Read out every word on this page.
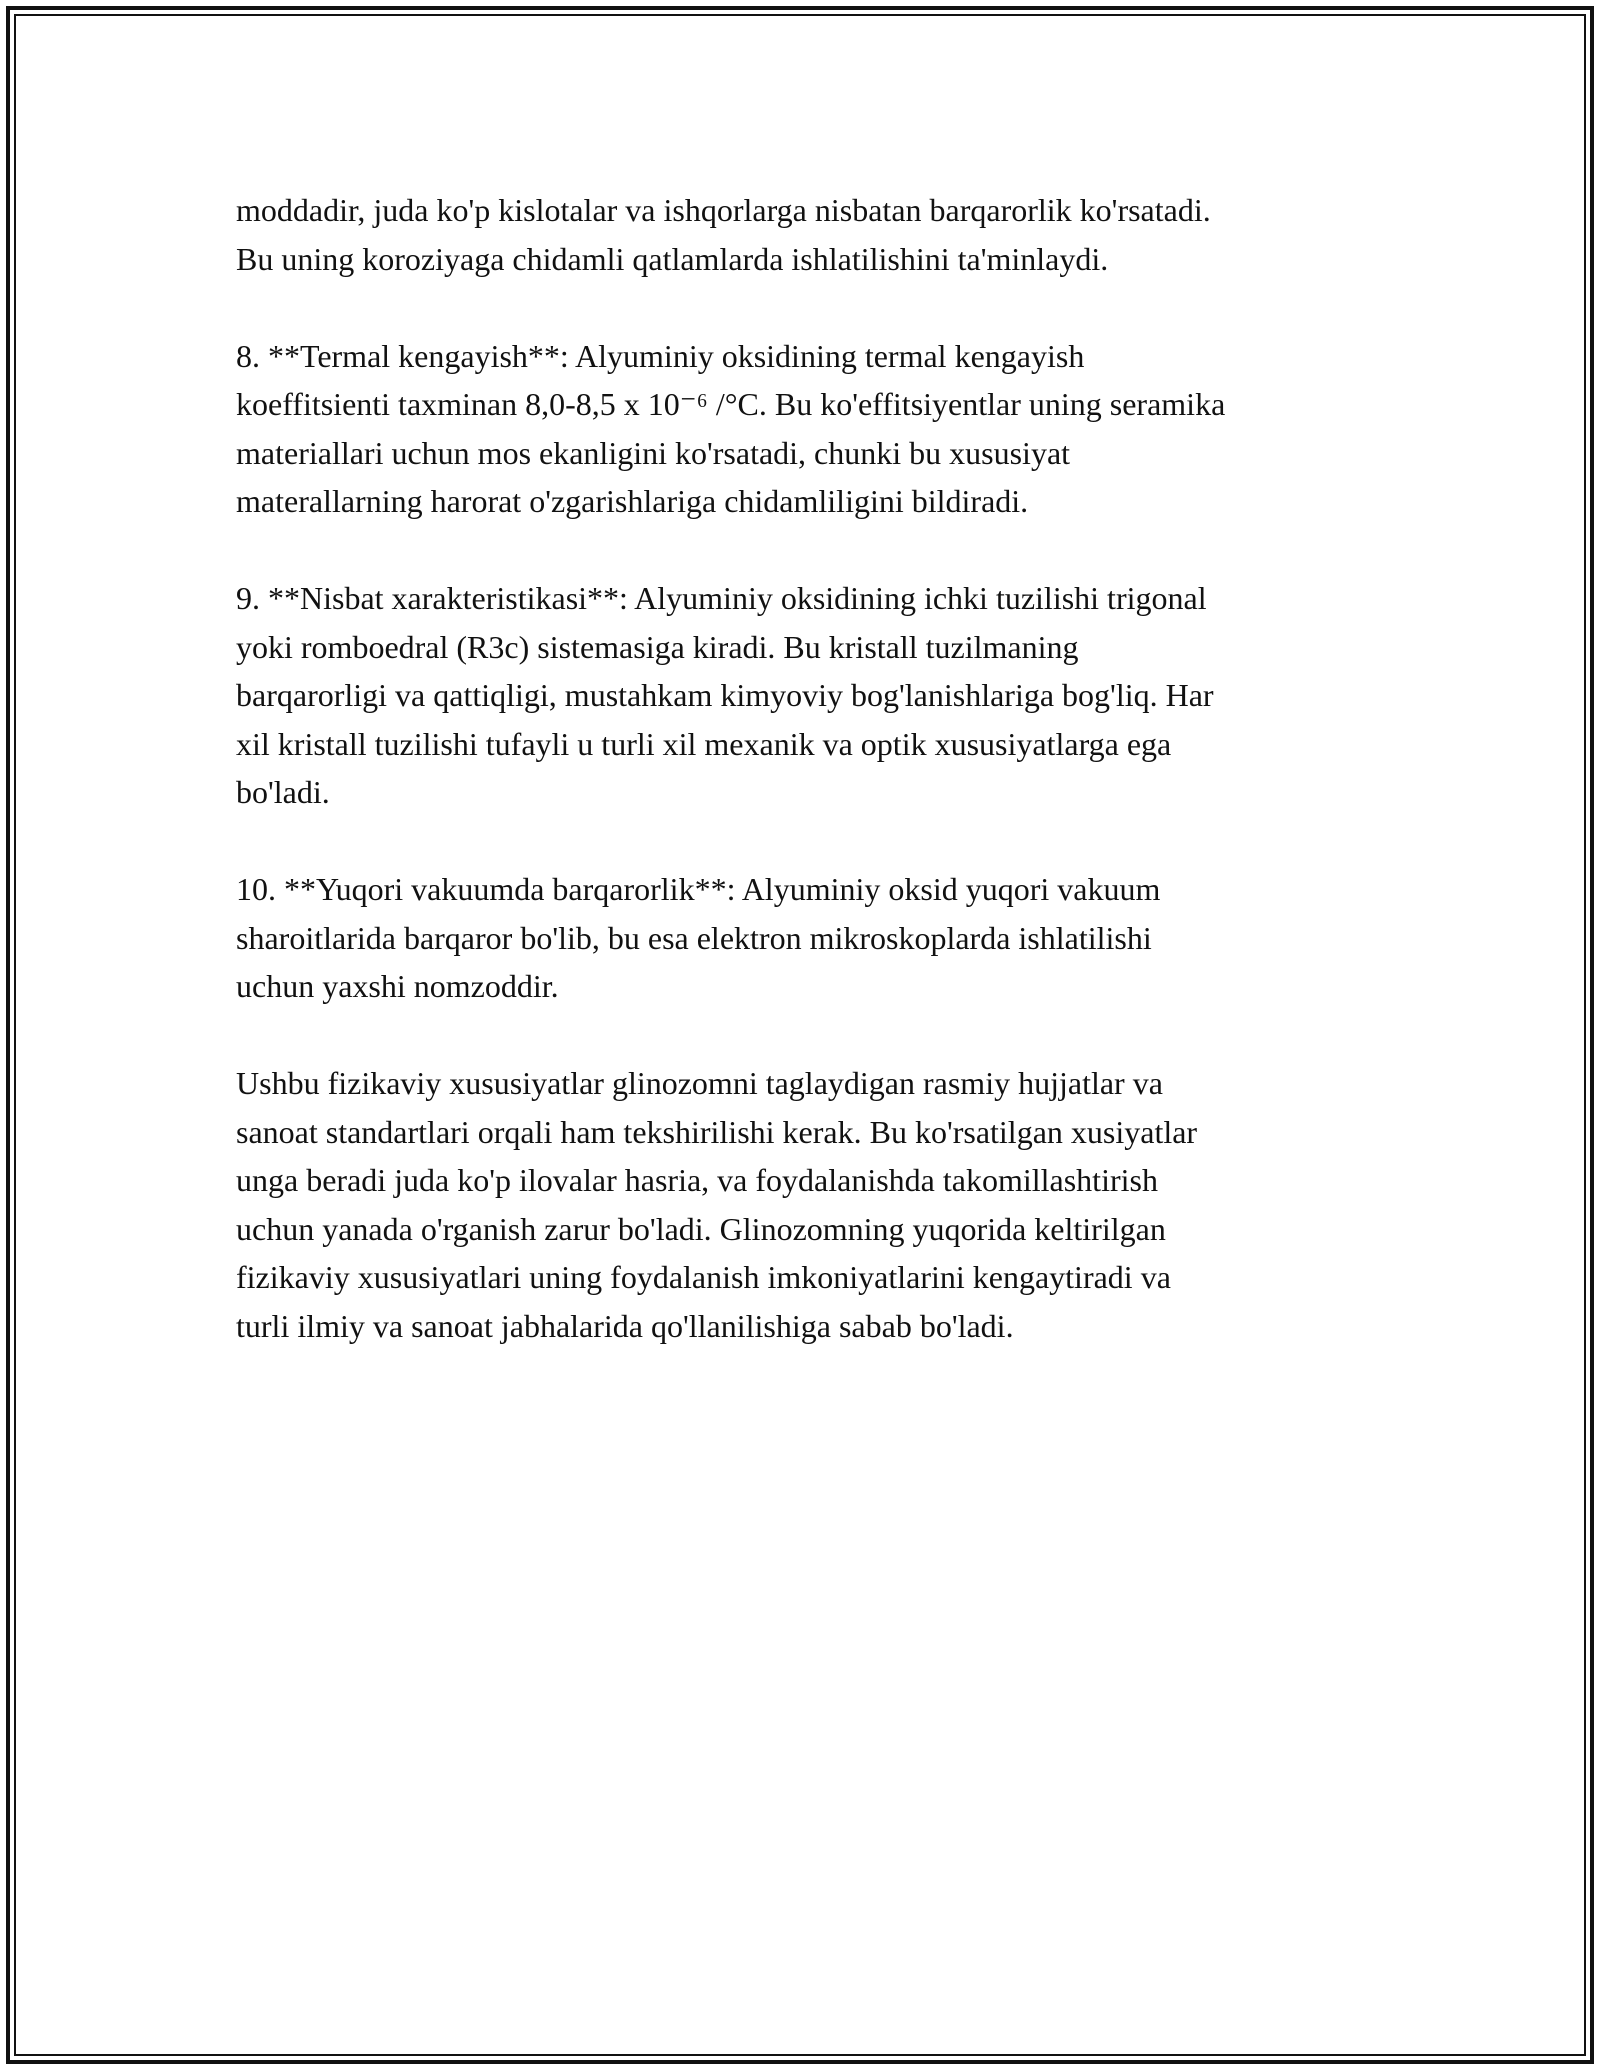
moddadir, juda ko'p kislotalar va ishqorlarga nisbatan barqarorlik ko'rsatadi.
Bu uning koroziyaga chidamli qatlamlarda ishlatilishini ta'minlaydi.

8. **Termal kengayish**: Alyuminiy oksidining termal kengayish
koeffitsienti taxminan 8,0-8,5 x 10⁻⁶ /°C. Bu ko'effitsiyentlar uning seramika
materiallari uchun mos ekanligini ko'rsatadi, chunki bu xususiyat
materallarning harorat o'zgarishlariga chidamliligini bildiradi.

9. **Nisbat xarakteristikasi**: Alyuminiy oksidining ichki tuzilishi trigonal
yoki romboedral (R3c) sistemasiga kiradi. Bu kristall tuzilmaning
barqarorligi va qattiqligi, mustahkam kimyoviy bog'lanishlariga bog'liq. Har
xil kristall tuzilishi tufayli u turli xil mexanik va optik xususiyatlarga ega
bo'ladi.

10. **Yuqori vakuumda barqarorlik**: Alyuminiy oksid yuqori vakuum
sharoitlarida barqaror bo'lib, bu esa elektron mikroskoplarda ishlatilishi
uchun yaxshi nomzoddir.

Ushbu fizikaviy xususiyatlar glinozomni taglaydigan rasmiy hujjatlar va
sanoat standartlari orqali ham tekshirilishi kerak. Bu ko'rsatilgan xusiyatlar
unga beradi juda ko'p ilovalar hasria, va foydalanishda takomillashtirish
uchun yanada o'rganish zarur bo'ladi. Glinozomning yuqorida keltirilgan
fizikaviy xususiyatlari uning foydalanish imkoniyatlarini kengaytiradi va
turli ilmiy va sanoat jabhalarida qo'llanilishiga sabab bo'ladi.
